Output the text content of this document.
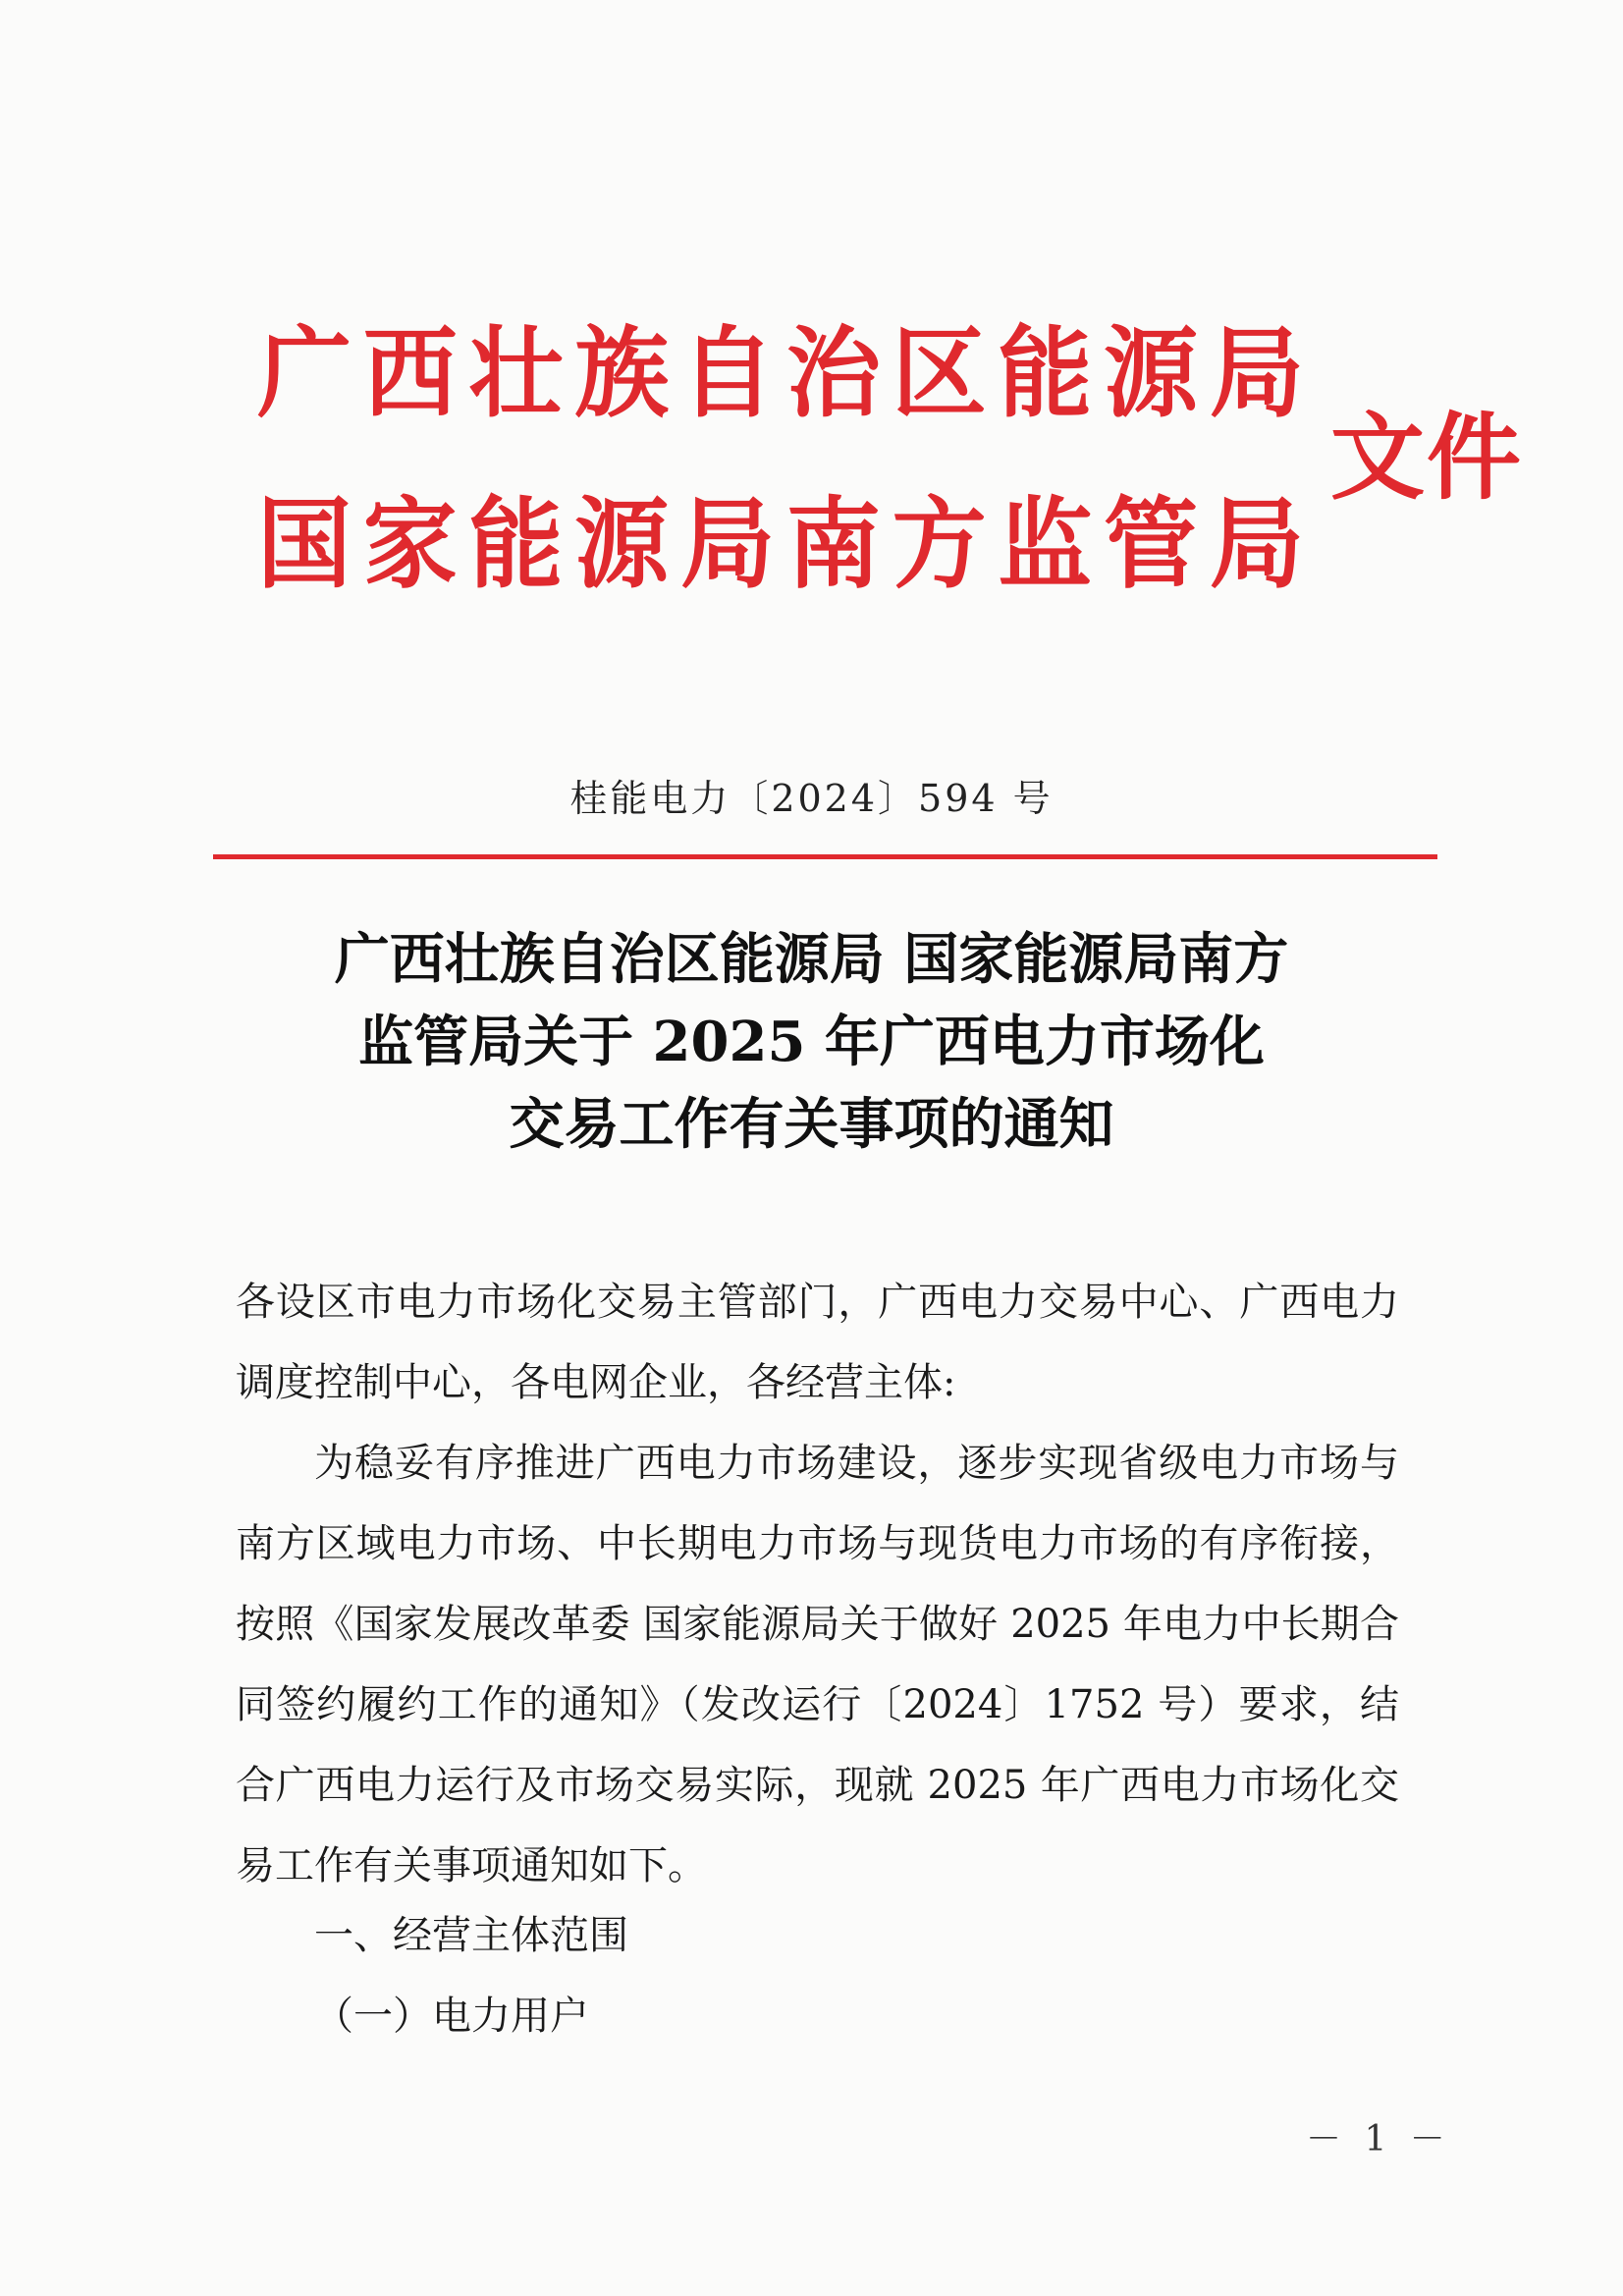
广 西 壮 族 自 治 区 能 源 局
国 家 能 源 局 南 方 监 管 局
文件
桂能电力〔2024〕594 号
广西壮族自治区能源局 国家能源局南方
监管局关于 2025 年广西电力市场化
交易工作有关事项的通知

各设区市电力市场化交易主管部门，广西电力交易中心、广西电力调度控制中心，各电网企业，各经营主体:

为稳妥有序推进广西电力市场建设，逐步实现省级电力市场与南方区域电力市场、中长期电力市场与现货电力市场的有序衔接，按照《国家发展改革委 国家能源局关于做好 2025 年电力中长期合同签约履约工作的通知》（发改运行〔2024〕1752 号）要求，结合广西电力运行及市场交易实际，现就 2025 年广西电力市场化交易工作有关事项通知如下。

一、经营主体范围
（一）电力用户
－ 1 －
